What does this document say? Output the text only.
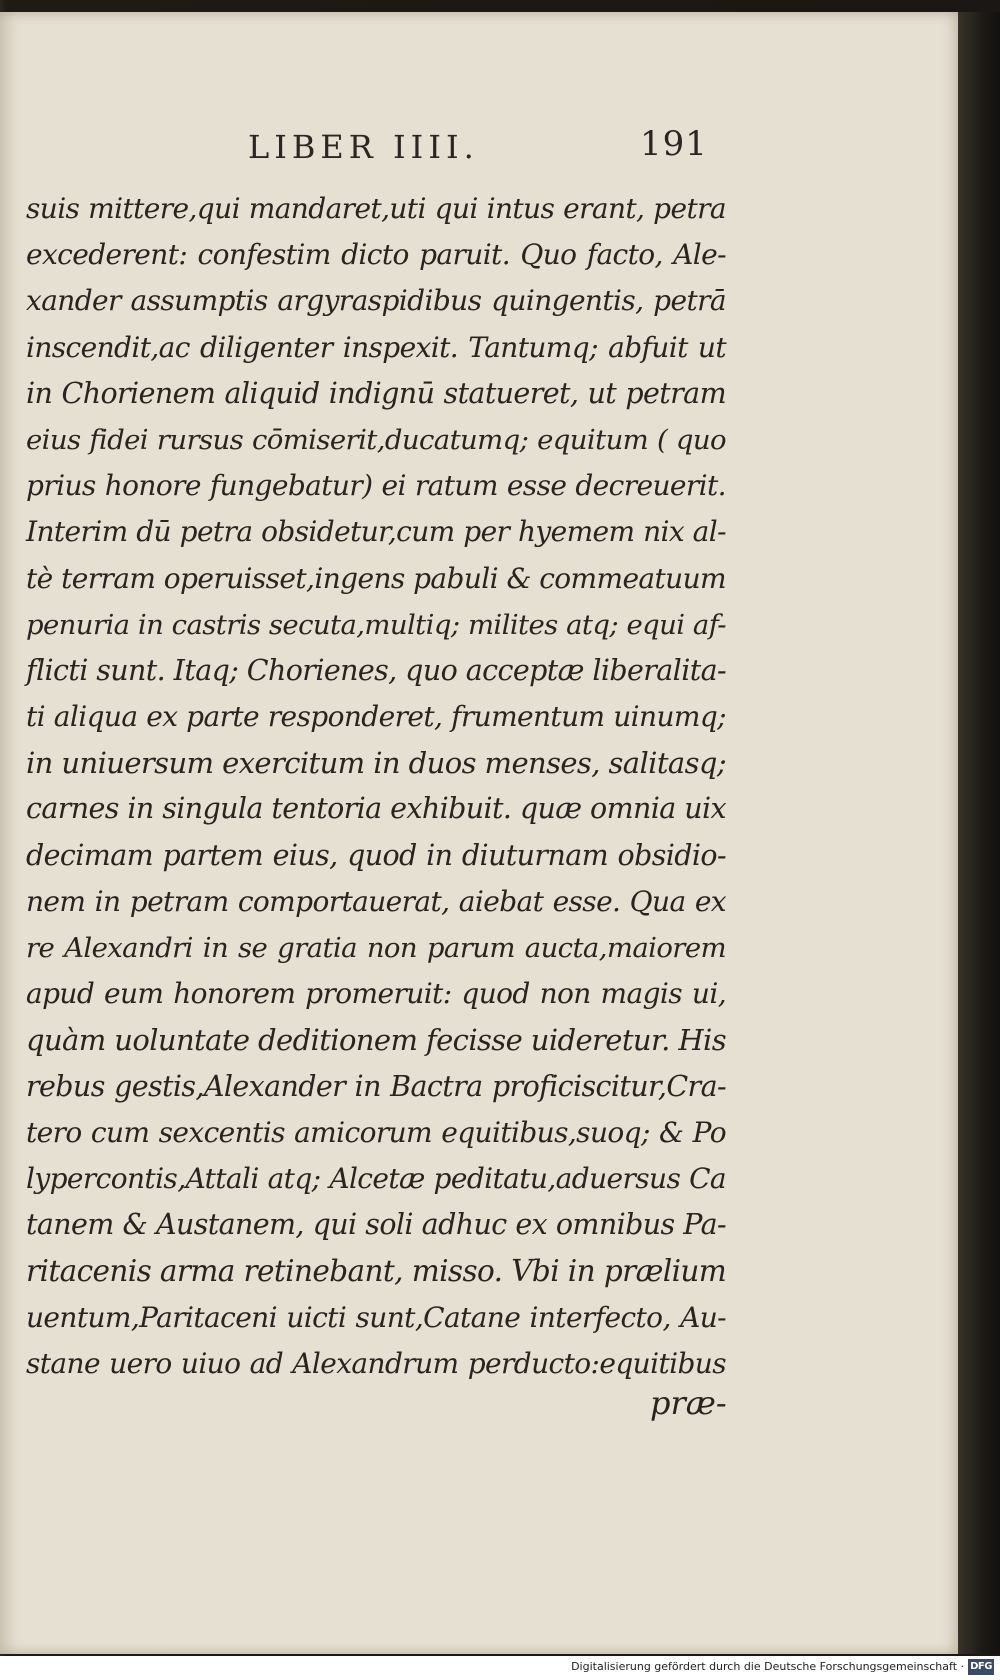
LIBER IIII.	191
suis mittere,qui mandaret,uti qui intus erant, petra
excederent: confestim dicto paruit. Quo facto, Ale-
xander assumptis argyraspidibus quingentis, petrā
inscendit,ac diligenter inspexit. Tantumq; abfuit ut
in Chorienem aliquid indignū statueret, ut petram
eius fidei rursus cōmiserit,ducatumq; equitum ( quo
prius honore fungebatur) ei ratum esse decreuerit.
Interim dū petra obsidetur,cum per hyemem nix al-
tè terram operuisset,ingens pabuli & commeatuum
penuria in castris secuta,multiq; milites atq; equi af-
flicti sunt. Itaq; Chorienes, quo acceptæ liberalita-
ti aliqua ex parte responderet, frumentum uinumq;
in uniuersum exercitum in duos menses, salitasq;
carnes in singula tentoria exhibuit. quæ omnia uix
decimam partem eius, quod in diuturnam obsidio-
nem in petram comportauerat, aiebat esse. Qua ex
re Alexandri in se gratia non parum aucta,maiorem
apud eum honorem promeruit: quod non magis ui,
quàm uoluntate deditionem fecisse uideretur. His
rebus gestis,Alexander in Bactra proficiscitur,Cra-
tero cum sexcentis amicorum equitibus,suoq; & Po
lypercontis,Attali atq; Alcetæ peditatu,aduersus Ca
tanem & Austanem, qui soli adhuc ex omnibus Pa-
ritacenis arma retinebant, misso. Vbi in prælium
uentum,Paritaceni uicti sunt,Catane interfecto, Au-
stane uero uiuo ad Alexandrum perducto:equitibus
præ-
Digitalisierung gefördert durch die Deutsche Forschungsgemeinschaft · DFG
